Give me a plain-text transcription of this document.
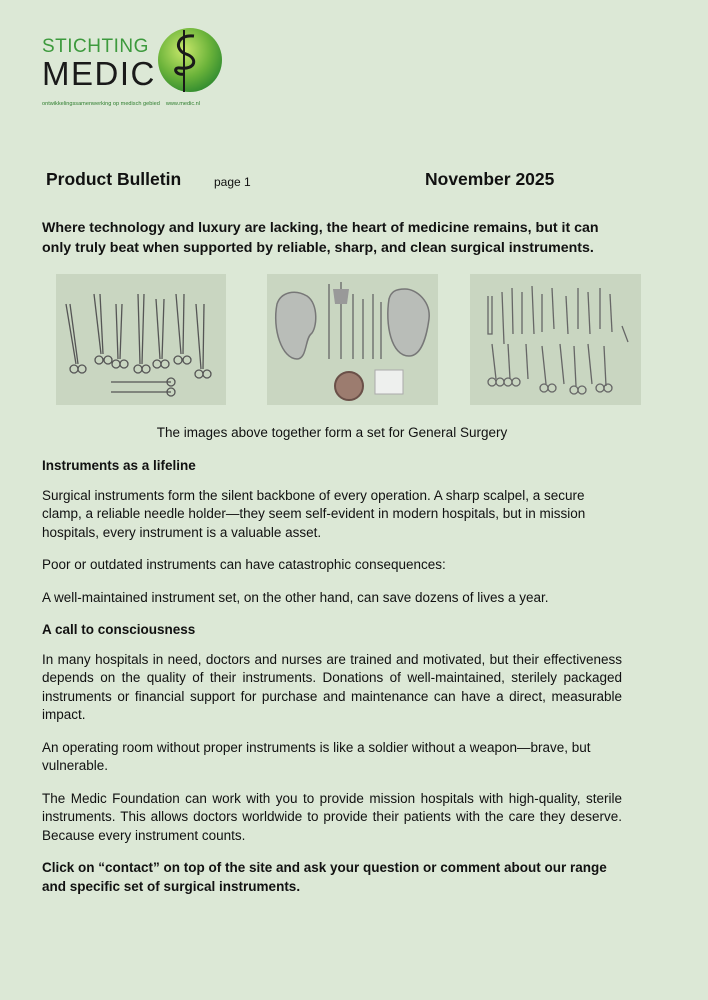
STICHTING
MEDIC
ontwikkelingssamenwerking op medisch gebied www.medic.nl
Product Bulletin	page 1	November 2025
Where technology and luxury are lacking, the heart of medicine remains, but it can only truly beat when supported by reliable, sharp, and clean surgical instruments.
The images above together form a set for General Surgery
Instruments as a lifeline

Surgical instruments form the silent backbone of every operation. A sharp scalpel, a secure clamp, a reliable needle holder—they seem self-evident in modern hospitals, but in mission hospitals, every instrument is a valuable asset.

Poor or outdated instruments can have catastrophic consequences:

A well-maintained instrument set, on the other hand, can save dozens of lives a year.

A call to consciousness

In many hospitals in need, doctors and nurses are trained and motivated, but their effectiveness depends on the quality of their instruments. Donations of well-maintained, sterilely packaged instruments or financial support for purchase and maintenance can have a direct, measurable impact.

An operating room without proper instruments is like a soldier without a weapon—brave, but vulnerable.

The Medic Foundation can work with you to provide mission hospitals with high-quality, sterile instruments. This allows doctors worldwide to provide their patients with the care they deserve. Because every instrument counts.

Click on “contact” on top of the site and ask your question or comment about our range and specific set of surgical instruments.
